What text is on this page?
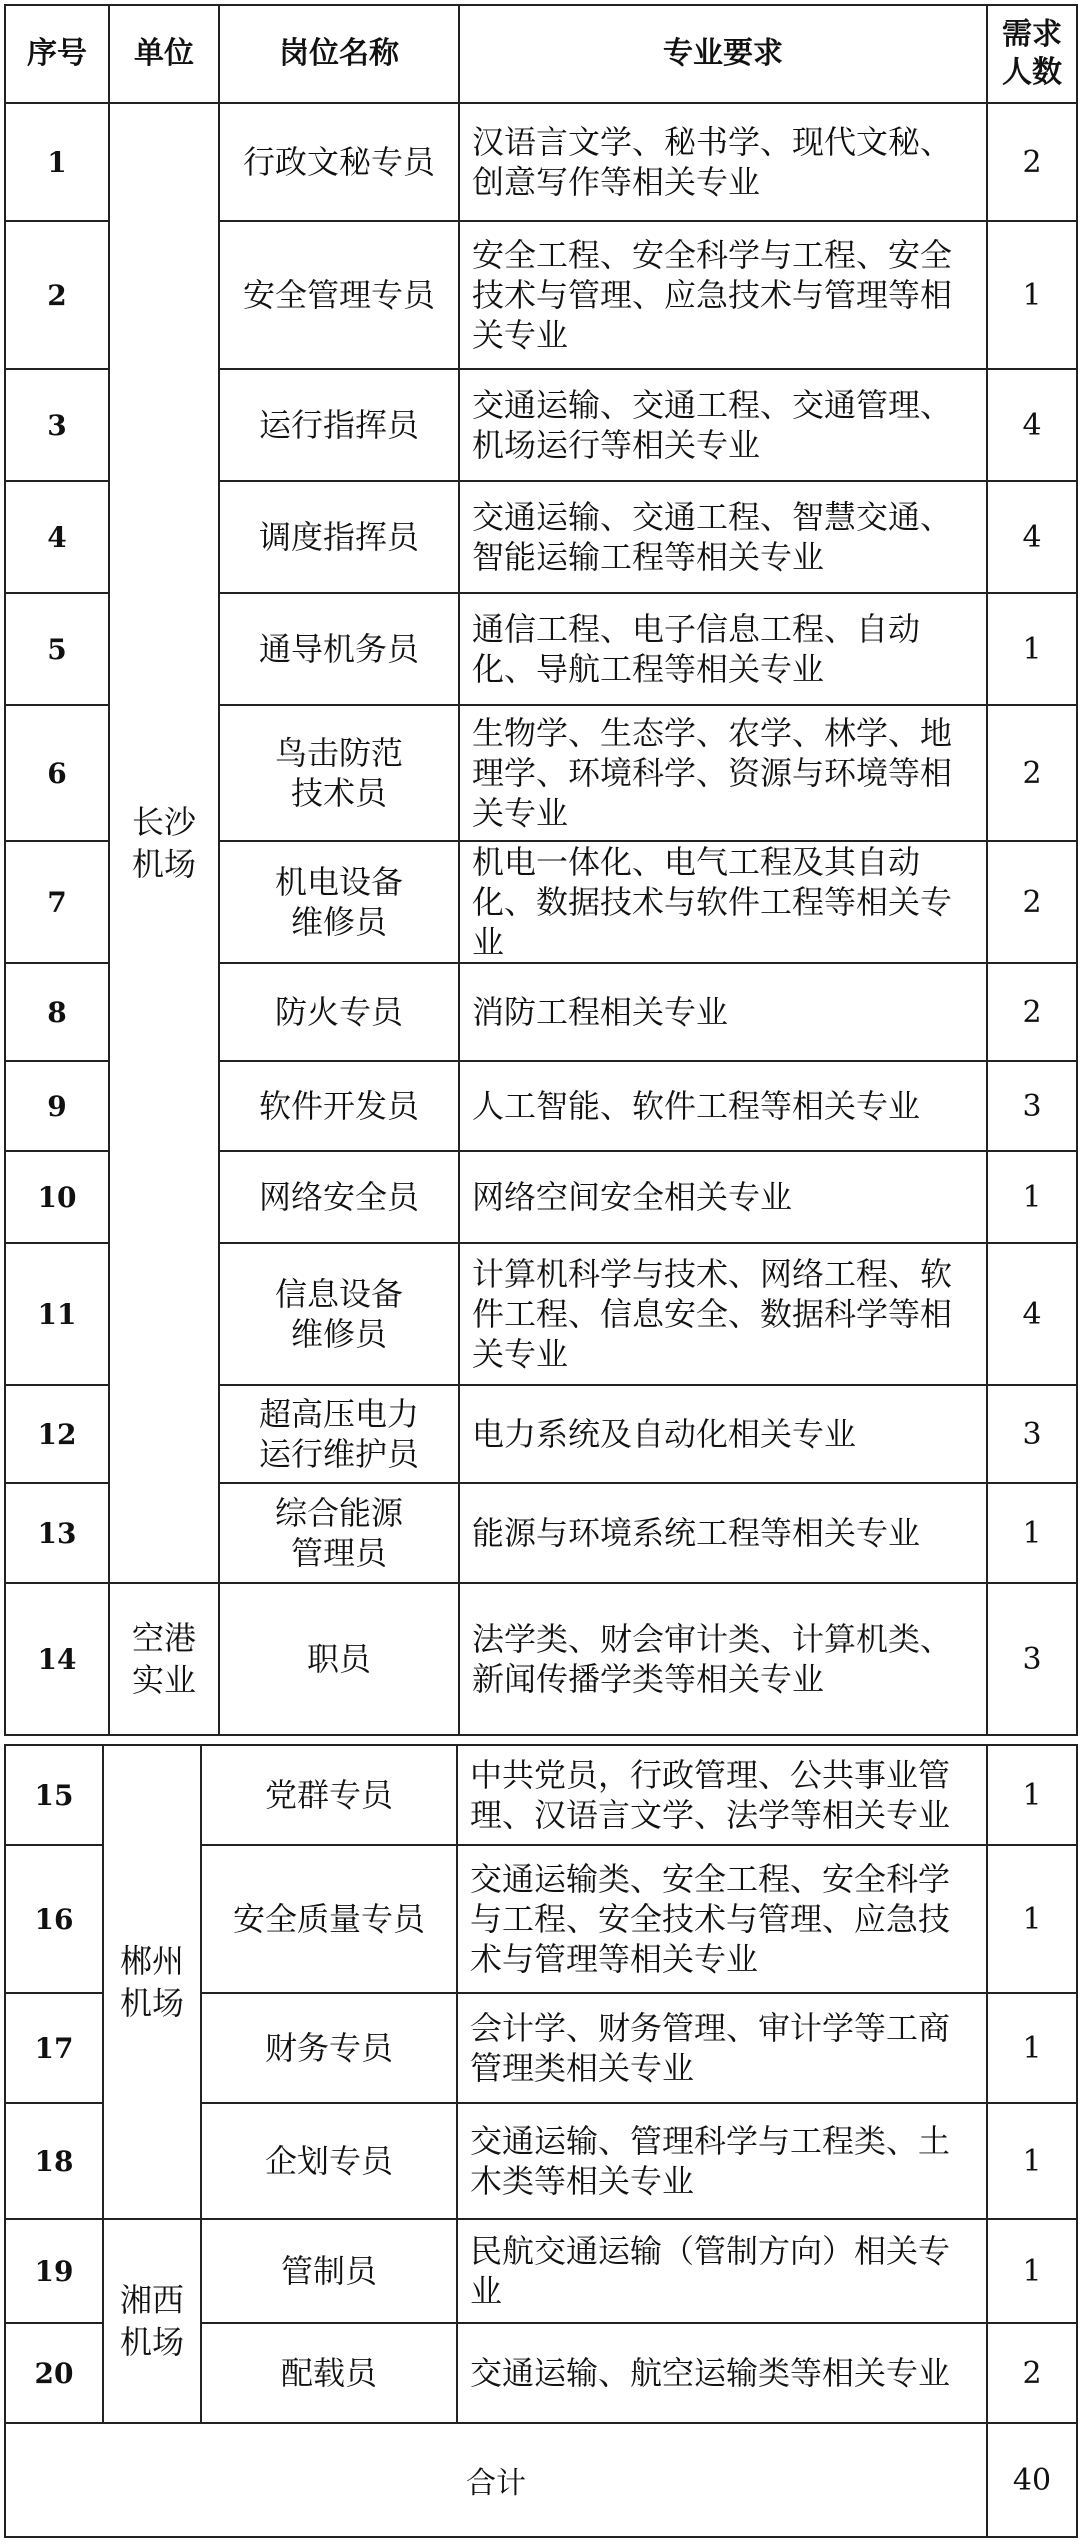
序号	单位	岗位名称	专业要求	需求人数

1	长沙机场	行政文秘专员	汉语言文学、秘书学、现代文秘、创意写作等相关专业	2
2		安全管理专员	安全工程、安全科学与工程、安全技术与管理、应急技术与管理等相关专业	1
3		运行指挥员	交通运输、交通工程、交通管理、机场运行等相关专业	4
4		调度指挥员	交通运输、交通工程、智慧交通、智能运输工程等相关专业	4
5		通导机务员	通信工程、电子信息工程、自动化、导航工程等相关专业	1
6		鸟击防范技术员	生物学、生态学、农学、林学、地理学、环境科学、资源与环境等相关专业	2
7		机电设备维修员	机电一体化、电气工程及其自动化、数据技术与软件工程等相关专业	2
8		防火专员	消防工程相关专业	2
9		软件开发员	人工智能、软件工程等相关专业	3
10		网络安全员	网络空间安全相关专业	1
11		信息设备维修员	计算机科学与技术、网络工程、软件工程、信息安全、数据科学等相关专业	4
12		超高压电力运行维护员	电力系统及自动化相关专业	3
13		综合能源管理员	能源与环境系统工程等相关专业	1
14	空港实业	职员	法学类、财会审计类、计算机类、新闻传播学类等相关专业	3
15	郴州机场	党群专员	中共党员，行政管理、公共事业管理、汉语言文学、法学等相关专业	1
16		安全质量专员	交通运输类、安全工程、安全科学与工程、安全技术与管理、应急技术与管理等相关专业	1
17		财务专员	会计学、财务管理、审计学等工商管理类相关专业	1
18		企划专员	交通运输、管理科学与工程类、土木类等相关专业	1
19	湘西机场	管制员	民航交通运输（管制方向）相关专业	1
20		配载员	交通运输、航空运输类等相关专业	2
合计				40
